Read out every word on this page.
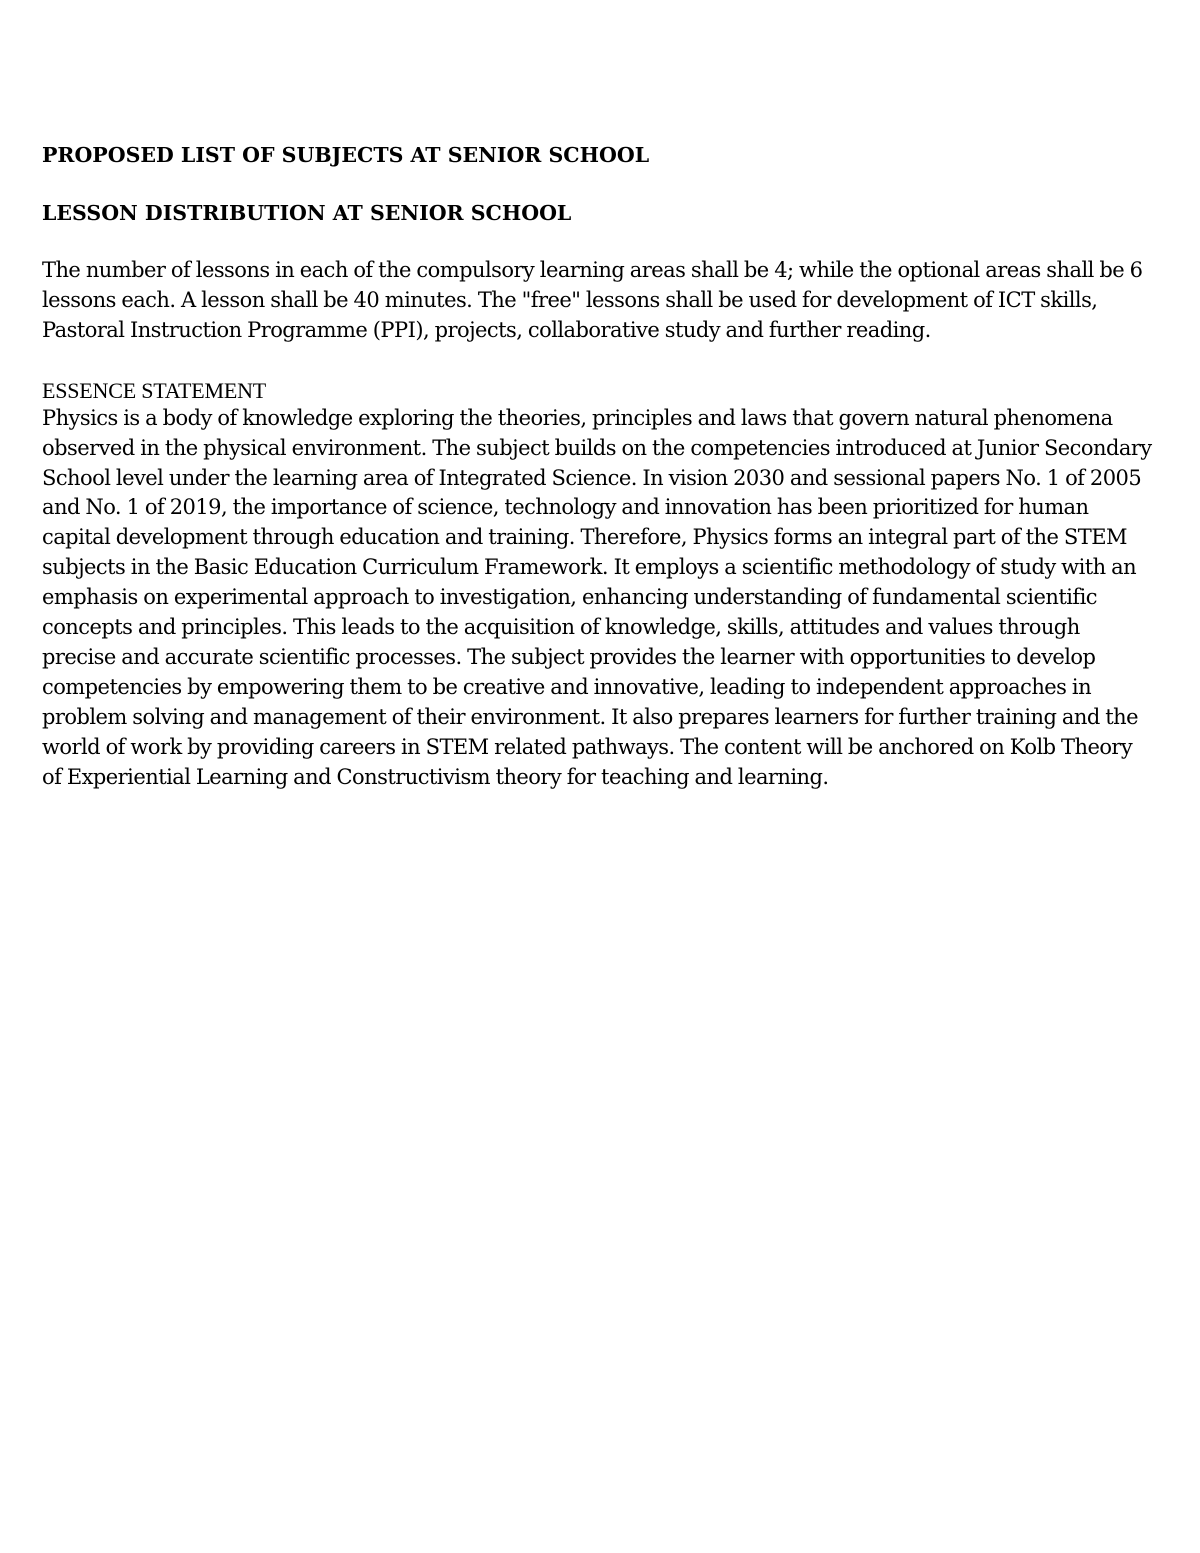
PROPOSED LIST OF SUBJECTS AT SENIOR SCHOOL
LESSON DISTRIBUTION AT SENIOR SCHOOL

The number of lessons in each of the compulsory learning areas shall be 4; while the optional areas shall be 6 lessons each. A lesson shall be 40 minutes. The "free" lessons shall be used for development of ICT skills, Pastoral Instruction Programme (PPI), projects, collaborative study and further reading.

ESSENCE STATEMENT

Physics is a body of knowledge exploring the theories, principles and laws that govern natural phenomena observed in the physical environment. The subject builds on the competencies introduced at Junior Secondary School level under the learning area of Integrated Science. In vision 2030 and sessional papers No. 1 of 2005 and No. 1 of 2019, the importance of science, technology and innovation has been prioritized for human capital development through education and training. Therefore, Physics forms an integral part of the STEM subjects in the Basic Education Curriculum Framework. It employs a scientific methodology of study with an emphasis on experimental approach to investigation, enhancing understanding of fundamental scientific concepts and principles. This leads to the acquisition of knowledge, skills, attitudes and values through precise and accurate scientific processes. The subject provides the learner with opportunities to develop competencies by empowering them to be creative and innovative, leading to independent approaches in problem solving and management of their environment. It also prepares learners for further training and the world of work by providing careers in STEM related pathways. The content will be anchored on Kolb Theory of Experiential Learning and Constructivism theory for teaching and learning.
